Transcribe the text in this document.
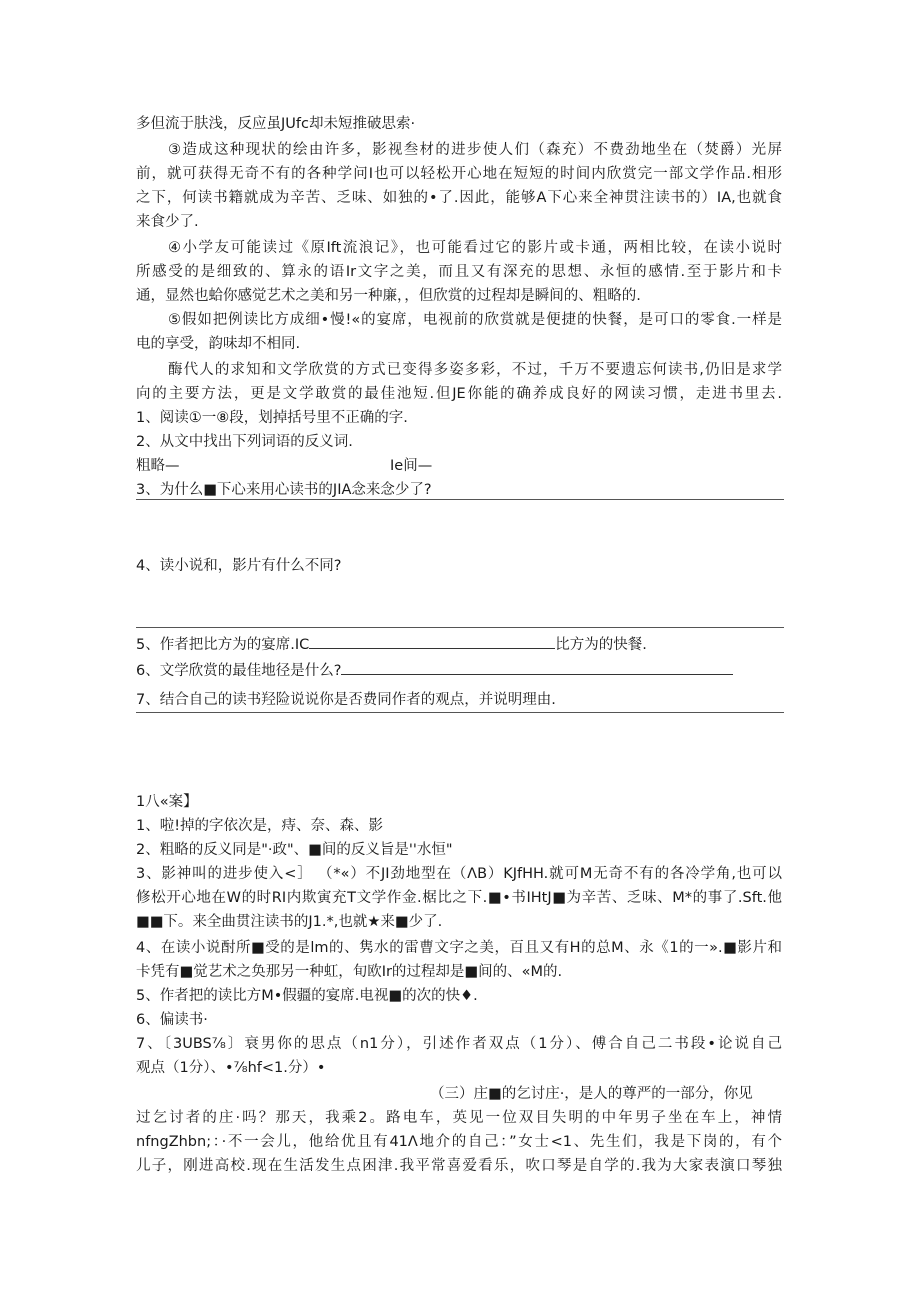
多但流于肤浅，反应虽JUfc却未短推破思索·
③造成这种现状的绘由许多，影视叁材的进步使人们（森充）不费劲地坐在（焚爵）光屏
前，就可获得无奇不有的各种学问I也可以轻松开心地在短短的时间内欣赏完一部文学作品.相形
之下，何读书籍就成为辛苦、乏味、如独的•了.因此，能够A下心来全神贯注读书的）IA,也就食
来食少了.
④小学友可能读过《原Ift流浪记》，也可能看过它的影片或卡通，两相比较，在读小说时
所感受的是细致的、算永的语Ir文字之美，而且又有深充的思想、永恒的感情.至于影片和卡
通，显然也蛤你感觉艺术之美和另一种廉，，但欣赏的过程却是瞬间的、粗略的.
⑤假如把例读比方成细•慢!«的宴席，电视前的欣赏就是便捷的快餐，是可口的零食.一样是
电的享受，韵味却不相同.
酶代人的求知和文学欣赏的方式已变得多姿多彩，不过，千万不要遗忘何读书,仍旧是求学
向的主要方法，更是文学敢赏的最佳池短.但JE你能的确养成良好的网读习惯，走进书里去.
1、阅读①一⑧段，划掉括号里不正确的字.
2、从文中找出下列词语的反义词.
粗略—	Ie间—
3、为什么■下心来用心读书的JIA念来念少了?
4、读小说和，影片有什么不同?
5、作者把比方为的宴席.IC	比方为的快餐.
6、文学欣赏的最佳地径是什么?
7、结合自己的读书羟险说说你是否费同作者的观点，并说明理由.
1八«案】
1、啦!掉的字依次是，痔、奈、森、影
2、粗略的反义同是"·政"、■间的反义旨是''水恒"
3、影神叫的进步使入<］ （*«）不JI劲地型在（ΛB）KJfHH.就可M无奇不有的各冷学角,也可以
修松开心地在W的时RI内欺寅充T文学作金.椐比之下.■•书IHtJ■为辛苦、乏味、M*的事了.Sft.他
■■下。来全曲贯注读书的J1.*,也就★来■少了.
4、在读小说酎所■受的是lm的、隽水的雷曹文字之美，百且又有H的总M、永《1的一».■影片和
卡凭有■觉艺术之奂那另一种虹，旬欧Ir的过程却是■间的、«M的.
5、作者把的读比方M•假疆的宴席.电视■的次的快♦.
6、偏读书·
7、〔3UBS⅞〕衰男你的思点（n1分），引述作者双点（1分）、傅合自己二书段•论说自己
观点（1分）、•⅞hf<1.分）•
（三）庄■的乞讨庄·，是人的尊严的一部分，你见
过乞讨者的庄·吗？那天，我乘2。路电车，英见一位双目失明的中年男子坐在车上，神情
nfngZhbn;：·不一会儿，他给优且有41Λ地介的自己：”女士<1、先生们，我是下岗的，有个
儿子，刚进高校.现在生活发生点困津.我平常喜爱看乐，吹口琴是自学的.我为大家表演口琴独
